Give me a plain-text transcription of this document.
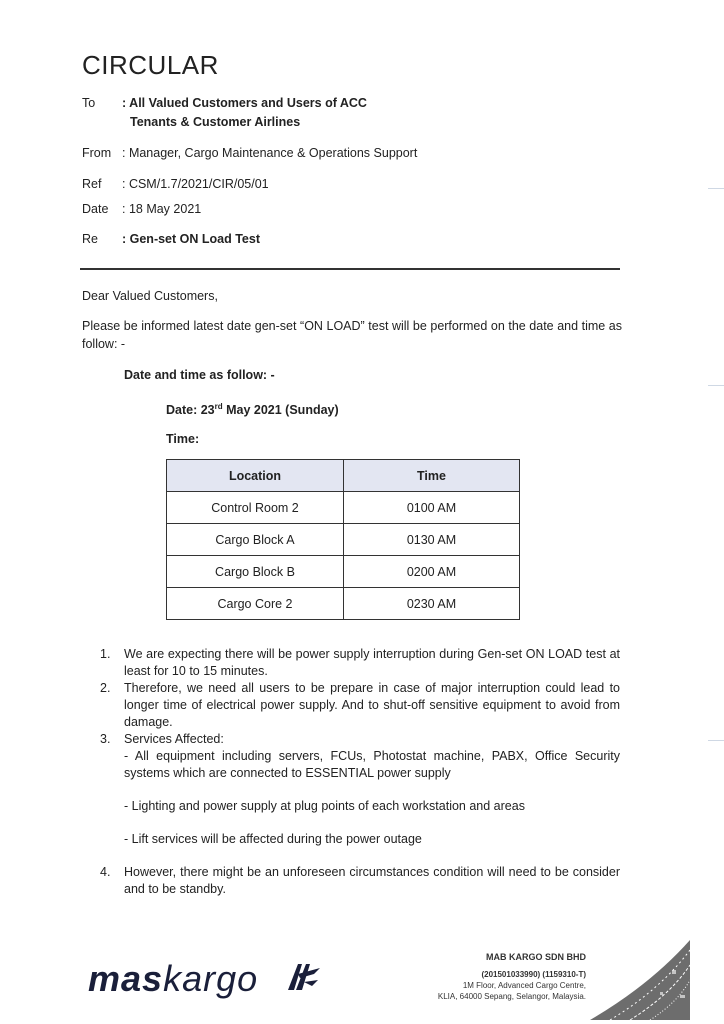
CIRCULAR
To	: All Valued Customers and Users of ACC
Tenants & Customer Airlines
From : Manager, Cargo Maintenance & Operations Support
Ref	: CSM/1.7/2021/CIR/05/01
Date	: 18 May 2021
Re	: Gen-set ON Load Test
Dear Valued Customers,
Please be informed latest date gen-set “ON LOAD” test will be performed on the date and time as follow: -
Date and time as follow: -
Date: 23rd May 2021 (Sunday)
Time:
Location	Time
Control Room 2	0100 AM
Cargo Block A	0130 AM
Cargo Block B	0200 AM
Cargo Core 2	0230 AM
1. We are expecting there will be power supply interruption during Gen-set ON LOAD test at least for 10 to 15 minutes.
2. Therefore, we need all users to be prepare in case of major interruption could lead to longer time of electrical power supply. And to shut-off sensitive equipment to avoid from damage.
3. Services Affected:
- All equipment including servers, FCUs, Photostat machine, PABX, Office Security systems which are connected to ESSENTIAL power supply
- Lighting and power supply at plug points of each workstation and areas
- Lift services will be affected during the power outage
4. However, there might be an unforeseen circumstances condition will need to be consider and to be standby.
maskargo
MAB KARGO SDN BHD
(201501033990) (1159310-T)
1M Floor, Advanced Cargo Centre,
KLIA, 64000 Sepang, Selangor, Malaysia.
